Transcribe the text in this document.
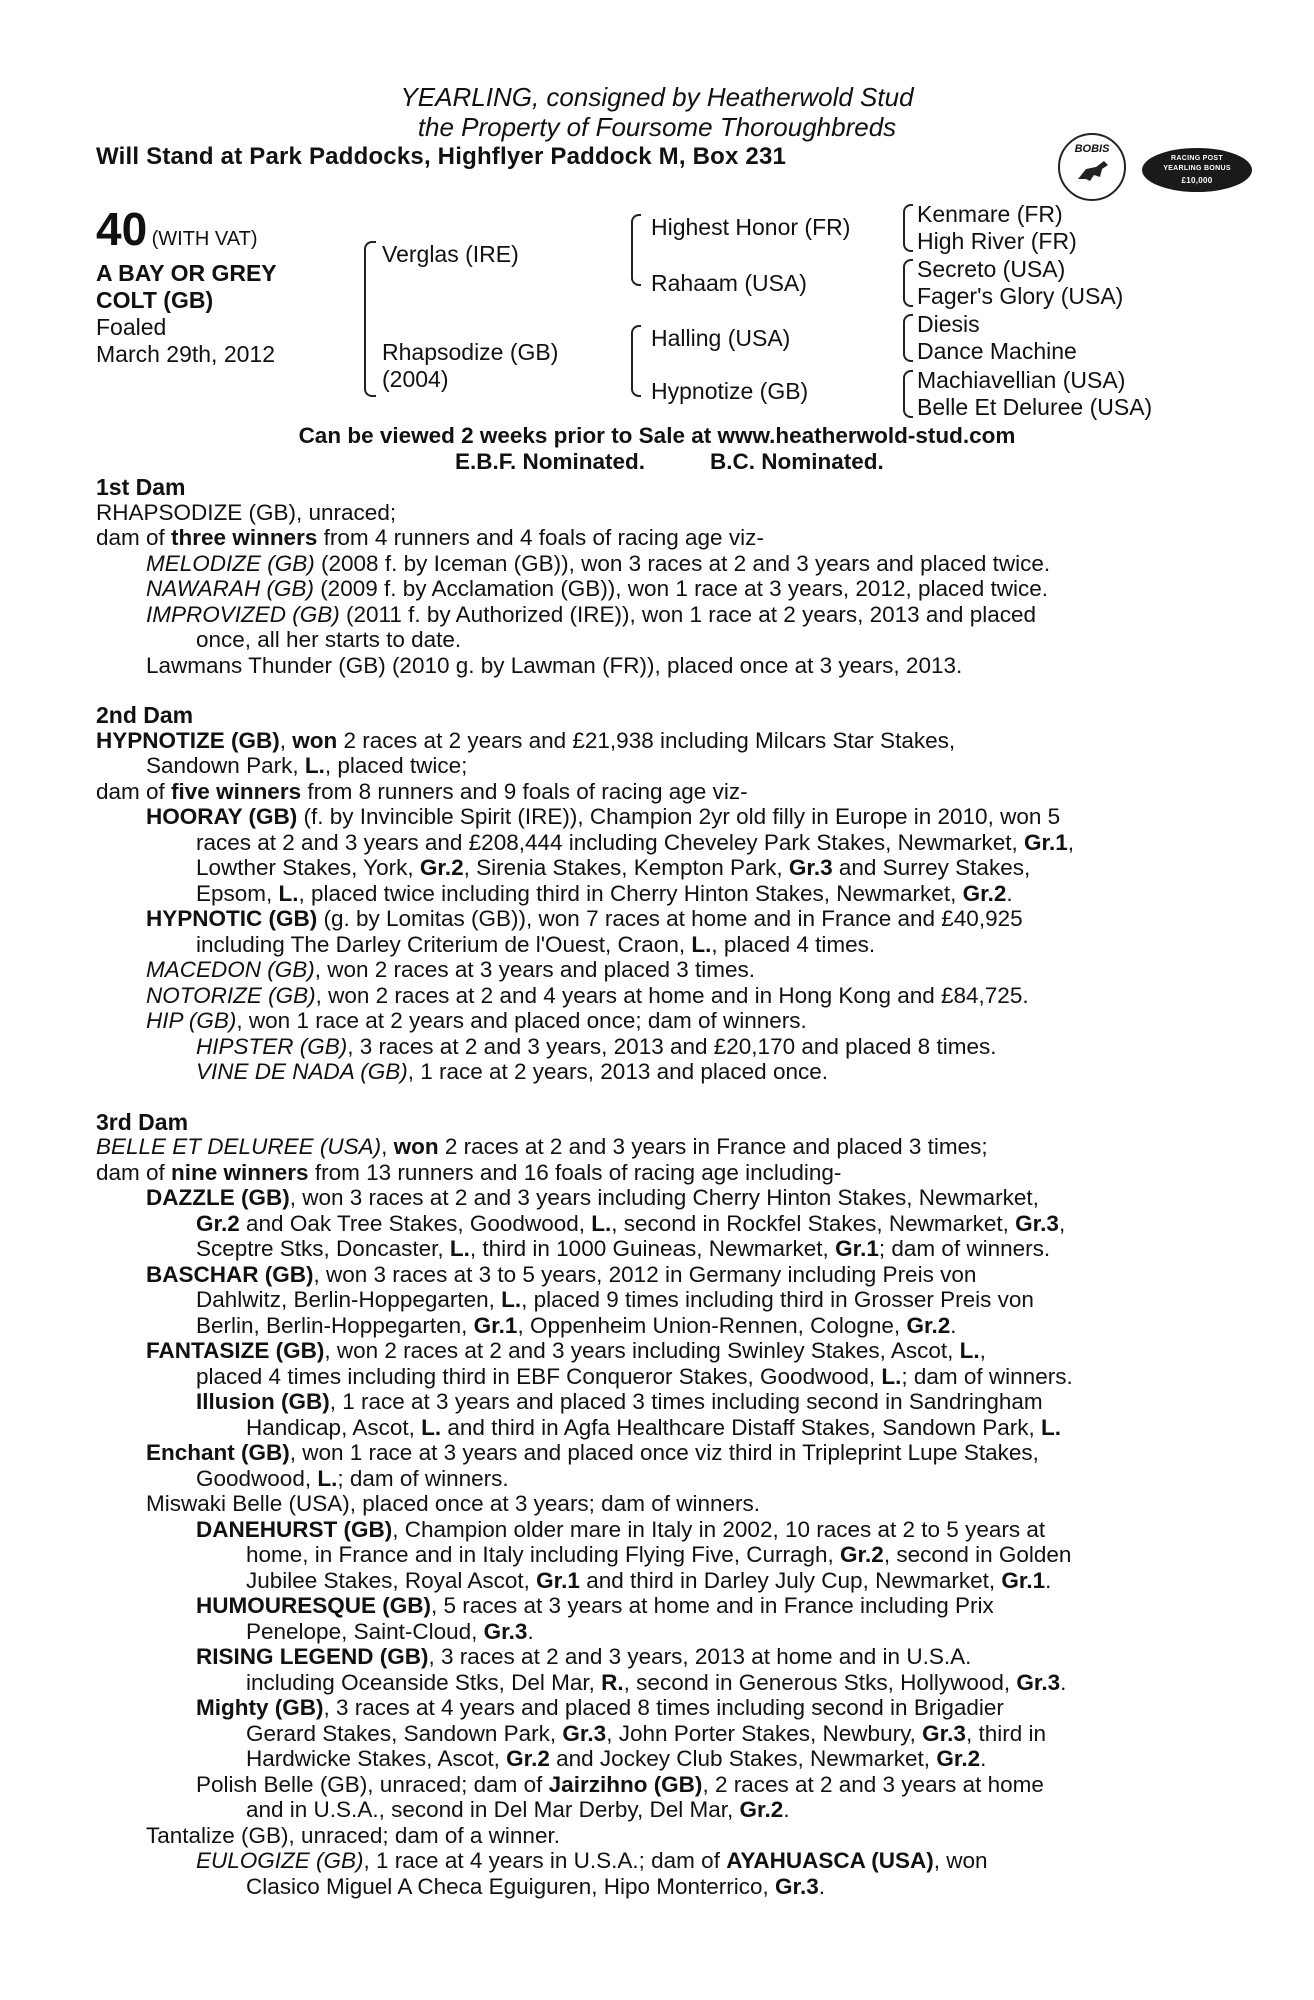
YEARLING, consigned by Heatherwold Stud
the Property of Foursome Thoroughbreds
Will Stand at Park Paddocks, Highflyer Paddock M, Box 231	BOBIS
RACING POST
YEARLING BONUS
£10,000
40 (WITH VAT)
A BAY OR GREY
COLT (GB)
Foaled
March 29th, 2012
Verglas (IRE)
Rhapsodize (GB)
(2004)
Highest Honor (FR)
Rahaam (USA)
Halling (USA)
Hypnotize (GB)
Kenmare (FR)
High River (FR)
Secreto (USA)
Fager's Glory (USA)
Diesis
Dance Machine
Machiavellian (USA)
Belle Et Deluree (USA)
Can be viewed 2 weeks prior to Sale at www.heatherwold-stud.com
E.B.F. Nominated.	B.C. Nominated.
1st Dam
RHAPSODIZE (GB), unraced;
dam of three winners from 4 runners and 4 foals of racing age viz-
MELODIZE (GB) (2008 f. by Iceman (GB)), won 3 races at 2 and 3 years and placed twice.
NAWARAH (GB) (2009 f. by Acclamation (GB)), won 1 race at 3 years, 2012, placed twice.
IMPROVIZED (GB) (2011 f. by Authorized (IRE)), won 1 race at 2 years, 2013 and placed
once, all her starts to date.
Lawmans Thunder (GB) (2010 g. by Lawman (FR)), placed once at 3 years, 2013.
2nd Dam
HYPNOTIZE (GB), won 2 races at 2 years and £21,938 including Milcars Star Stakes,
Sandown Park, L., placed twice;
dam of five winners from 8 runners and 9 foals of racing age viz-
HOORAY (GB) (f. by Invincible Spirit (IRE)), Champion 2yr old filly in Europe in 2010, won 5
races at 2 and 3 years and £208,444 including Cheveley Park Stakes, Newmarket, Gr.1,
Lowther Stakes, York, Gr.2, Sirenia Stakes, Kempton Park, Gr.3 and Surrey Stakes,
Epsom, L., placed twice including third in Cherry Hinton Stakes, Newmarket, Gr.2.
HYPNOTIC (GB) (g. by Lomitas (GB)), won 7 races at home and in France and £40,925
including The Darley Criterium de l'Ouest, Craon, L., placed 4 times.
MACEDON (GB), won 2 races at 3 years and placed 3 times.
NOTORIZE (GB), won 2 races at 2 and 4 years at home and in Hong Kong and £84,725.
HIP (GB), won 1 race at 2 years and placed once; dam of winners.
HIPSTER (GB), 3 races at 2 and 3 years, 2013 and £20,170 and placed 8 times.
VINE DE NADA (GB), 1 race at 2 years, 2013 and placed once.
3rd Dam
BELLE ET DELUREE (USA), won 2 races at 2 and 3 years in France and placed 3 times;
dam of nine winners from 13 runners and 16 foals of racing age including-
DAZZLE (GB), won 3 races at 2 and 3 years including Cherry Hinton Stakes, Newmarket,
Gr.2 and Oak Tree Stakes, Goodwood, L., second in Rockfel Stakes, Newmarket, Gr.3,
Sceptre Stks, Doncaster, L., third in 1000 Guineas, Newmarket, Gr.1; dam of winners.
BASCHAR (GB), won 3 races at 3 to 5 years, 2012 in Germany including Preis von
Dahlwitz, Berlin-Hoppegarten, L., placed 9 times including third in Grosser Preis von
Berlin, Berlin-Hoppegarten, Gr.1, Oppenheim Union-Rennen, Cologne, Gr.2.
FANTASIZE (GB), won 2 races at 2 and 3 years including Swinley Stakes, Ascot, L.,
placed 4 times including third in EBF Conqueror Stakes, Goodwood, L.; dam of winners.
Illusion (GB), 1 race at 3 years and placed 3 times including second in Sandringham
Handicap, Ascot, L. and third in Agfa Healthcare Distaff Stakes, Sandown Park, L.
Enchant (GB), won 1 race at 3 years and placed once viz third in Tripleprint Lupe Stakes,
Goodwood, L.; dam of winners.
Miswaki Belle (USA), placed once at 3 years; dam of winners.
DANEHURST (GB), Champion older mare in Italy in 2002, 10 races at 2 to 5 years at
home, in France and in Italy including Flying Five, Curragh, Gr.2, second in Golden
Jubilee Stakes, Royal Ascot, Gr.1 and third in Darley July Cup, Newmarket, Gr.1.
HUMOURESQUE (GB), 5 races at 3 years at home and in France including Prix
Penelope, Saint-Cloud, Gr.3.
RISING LEGEND (GB), 3 races at 2 and 3 years, 2013 at home and in U.S.A.
including Oceanside Stks, Del Mar, R., second in Generous Stks, Hollywood, Gr.3.
Mighty (GB), 3 races at 4 years and placed 8 times including second in Brigadier
Gerard Stakes, Sandown Park, Gr.3, John Porter Stakes, Newbury, Gr.3, third in
Hardwicke Stakes, Ascot, Gr.2 and Jockey Club Stakes, Newmarket, Gr.2.
Polish Belle (GB), unraced; dam of Jairzihno (GB), 2 races at 2 and 3 years at home
and in U.S.A., second in Del Mar Derby, Del Mar, Gr.2.
Tantalize (GB), unraced; dam of a winner.
EULOGIZE (GB), 1 race at 4 years in U.S.A.; dam of AYAHUASCA (USA), won
Clasico Miguel A Checa Eguiguren, Hipo Monterrico, Gr.3.
